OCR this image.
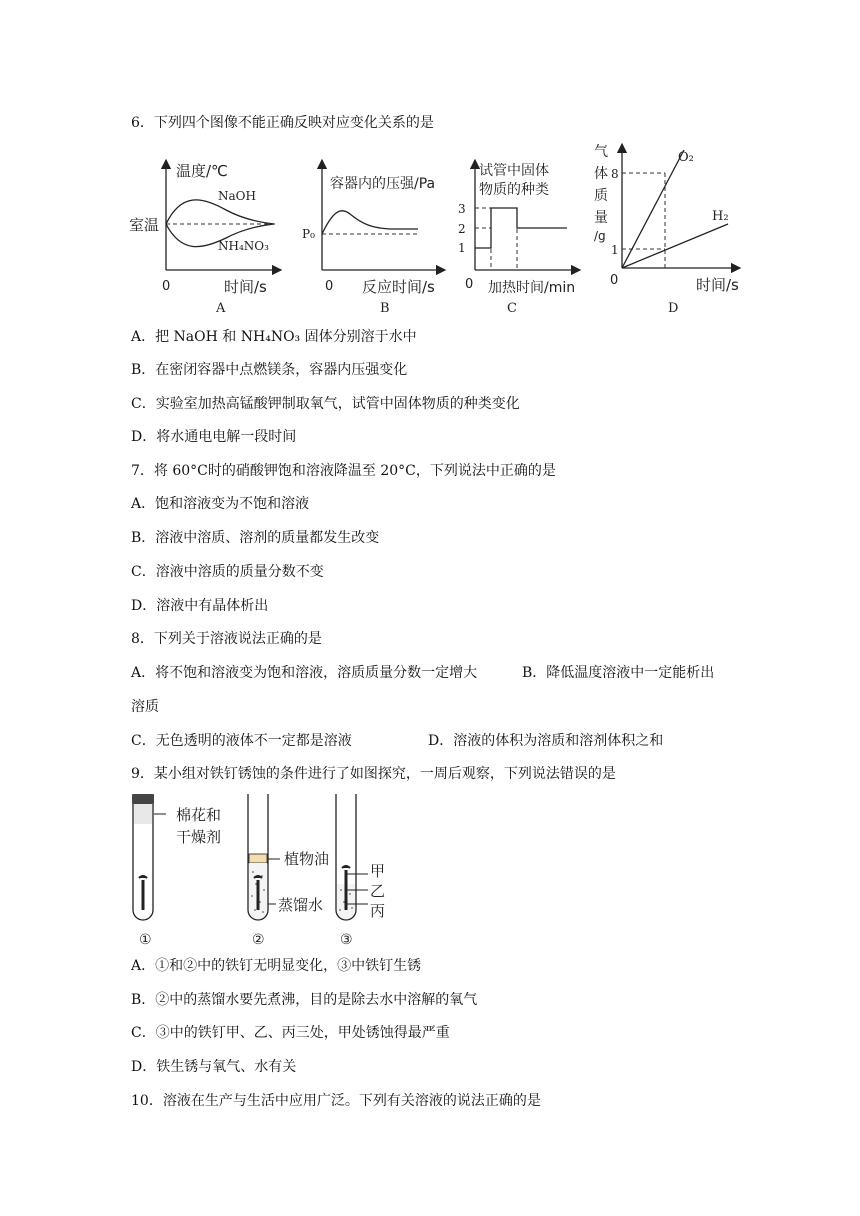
6．下列四个图像不能正确反映对应变化关系的是
温度/℃
室温
NaOH
NH₄NO₃
0	时间/s
A
容器内的压强/Pa
P₀
0 反应时间/s
B
试管中固体
物质的种类
3
2
1
0 加热时间/min
C
气
体
质
量
/g
8
1
O₂
H₂
0	时间/s
D
A．把 NaOH 和 NH₄NO₃ 固体分别溶于水中
B．在密闭容器中点燃镁条，容器内压强变化
C．实验室加热高锰酸钾制取氧气，试管中固体物质的种类变化
D．将水通电电解一段时间
7．将 60°C时的硝酸钾饱和溶液降温至 20°C，下列说法中正确的是
A．饱和溶液变为不饱和溶液
B．溶液中溶质、溶剂的质量都发生改变
C．溶液中溶质的质量分数不变
D．溶液中有晶体析出
8．下列关于溶液说法正确的是
A．将不饱和溶液变为饱和溶液，溶质质量分数一定增大	B．降低温度溶液中一定能析出
溶质
C．无色透明的液体不一定都是溶液	D．溶液的体积为溶质和溶剂体积之和
9．某小组对铁钉锈蚀的条件进行了如图探究，一周后观察，下列说法错误的是
棉花和
干燥剂
①
植物油
蒸馏水
②
甲
乙
丙
③
A．①和②中的铁钉无明显变化，③中铁钉生锈
B．②中的蒸馏水要先煮沸，目的是除去水中溶解的氧气
C．③中的铁钉甲、乙、丙三处，甲处锈蚀得最严重
D．铁生锈与氧气、水有关
10．溶液在生产与生活中应用广泛。下列有关溶液的说法正确的是
